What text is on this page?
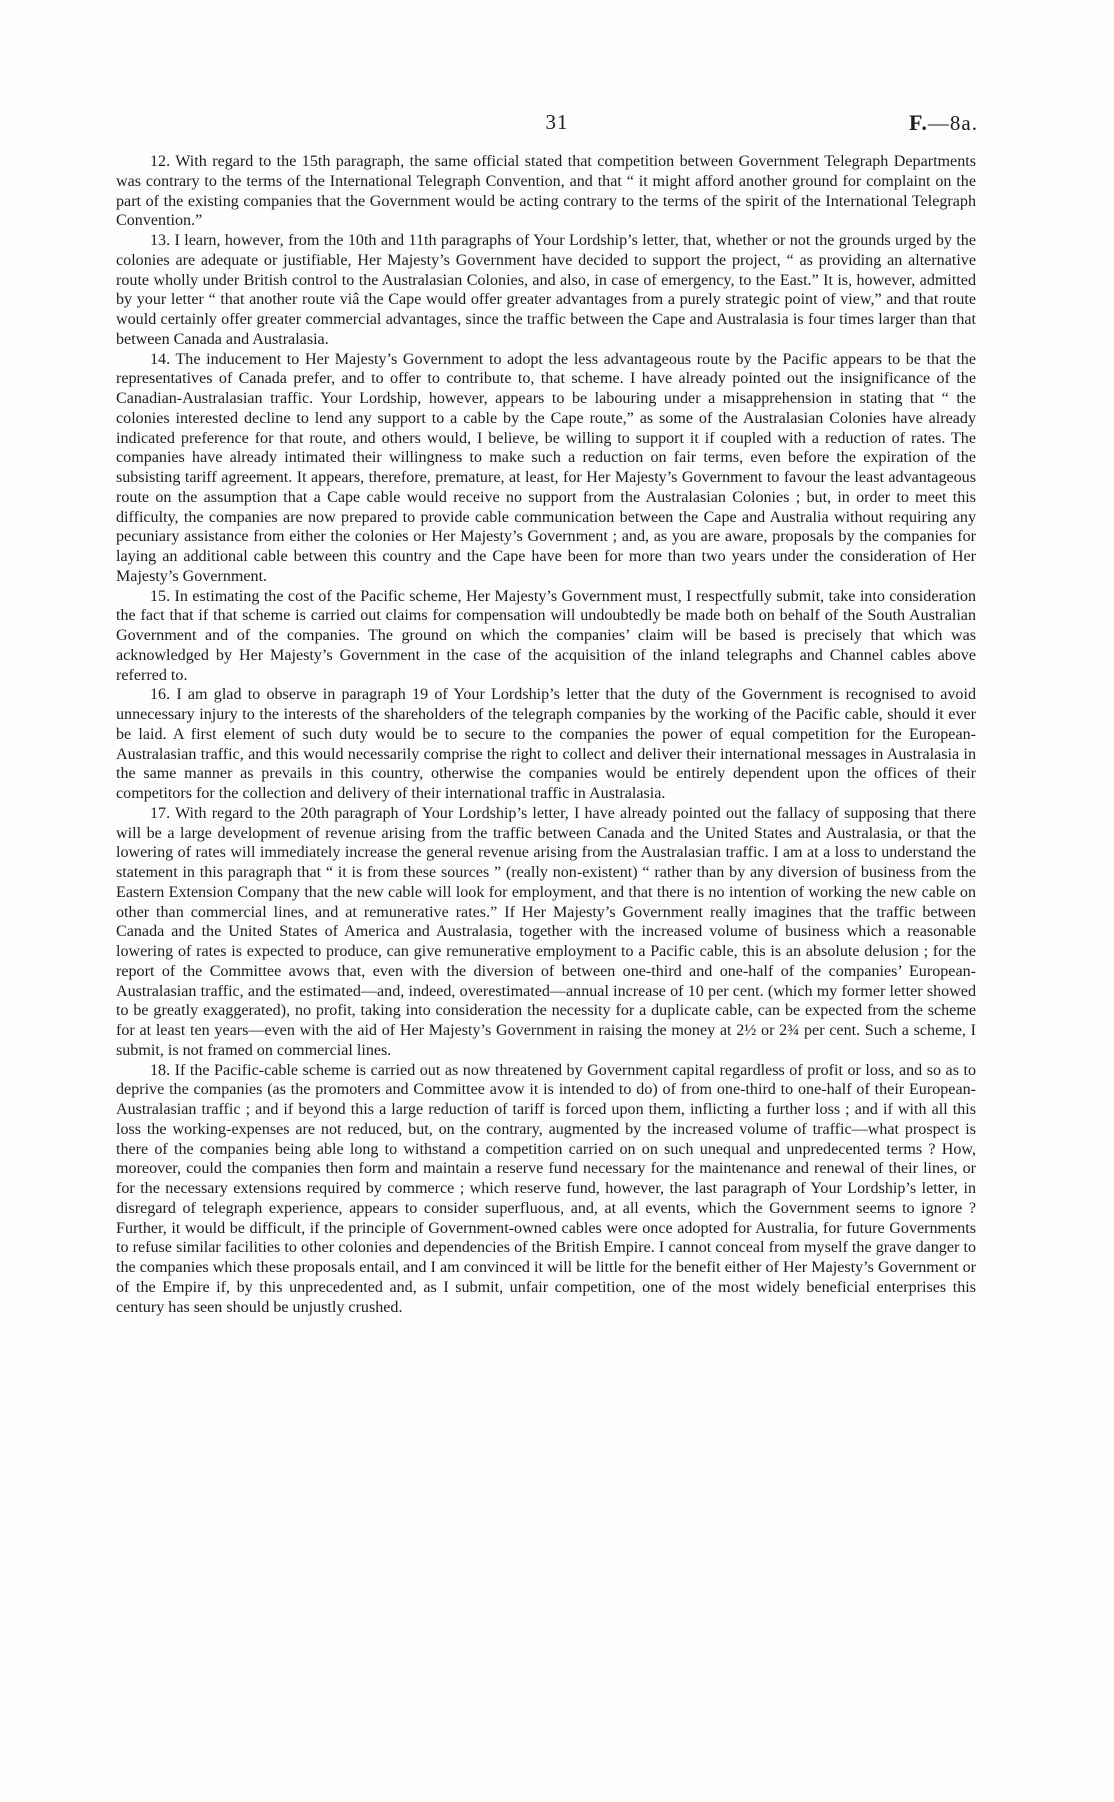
31	F.—8a.

12. With regard to the 15th paragraph, the same official stated that competition between Government Telegraph Departments was contrary to the terms of the International Telegraph Convention, and that “ it might afford another ground for complaint on the part of the existing companies that the Government would be acting contrary to the terms of the spirit of the International Telegraph Convention.”

13. I learn, however, from the 10th and 11th paragraphs of Your Lordship’s letter, that, whether or not the grounds urged by the colonies are adequate or justifiable, Her Majesty’s Government have decided to support the project, “ as providing an alternative route wholly under British control to the Australasian Colonies, and also, in case of emergency, to the East.” It is, however, admitted by your letter “ that another route viâ the Cape would offer greater advantages from a purely strategic point of view,” and that route would certainly offer greater commercial advantages, since the traffic between the Cape and Australasia is four times larger than that between Canada and Australasia.

14. The inducement to Her Majesty’s Government to adopt the less advantageous route by the Pacific appears to be that the representatives of Canada prefer, and to offer to contribute to, that scheme. I have already pointed out the insignificance of the Canadian-Australasian traffic. Your Lordship, however, appears to be labouring under a misapprehension in stating that “ the colonies interested decline to lend any support to a cable by the Cape route,” as some of the Australasian Colonies have already indicated preference for that route, and others would, I believe, be willing to support it if coupled with a reduction of rates. The companies have already intimated their willingness to make such a reduction on fair terms, even before the expiration of the subsisting tariff agreement. It appears, therefore, premature, at least, for Her Majesty’s Government to favour the least advantageous route on the assumption that a Cape cable would receive no support from the Australasian Colonies ; but, in order to meet this difficulty, the companies are now prepared to provide cable communication between the Cape and Australia without requiring any pecuniary assistance from either the colonies or Her Majesty’s Government ; and, as you are aware, proposals by the companies for laying an additional cable between this country and the Cape have been for more than two years under the consideration of Her Majesty’s Government.

15. In estimating the cost of the Pacific scheme, Her Majesty’s Government must, I respectfully submit, take into consideration the fact that if that scheme is carried out claims for compensation will undoubtedly be made both on behalf of the South Australian Government and of the companies. The ground on which the companies’ claim will be based is precisely that which was acknowledged by Her Majesty’s Government in the case of the acquisition of the inland telegraphs and Channel cables above referred to.

16. I am glad to observe in paragraph 19 of Your Lordship’s letter that the duty of the Government is recognised to avoid unnecessary injury to the interests of the shareholders of the telegraph companies by the working of the Pacific cable, should it ever be laid. A first element of such duty would be to secure to the companies the power of equal competition for the European-Australasian traffic, and this would necessarily comprise the right to collect and deliver their international messages in Australasia in the same manner as prevails in this country, otherwise the companies would be entirely dependent upon the offices of their competitors for the collection and delivery of their international traffic in Australasia.

17. With regard to the 20th paragraph of Your Lordship’s letter, I have already pointed out the fallacy of supposing that there will be a large development of revenue arising from the traffic between Canada and the United States and Australasia, or that the lowering of rates will immediately increase the general revenue arising from the Australasian traffic. I am at a loss to understand the statement in this paragraph that “ it is from these sources ” (really non-existent) “ rather than by any diversion of business from the Eastern Extension Company that the new cable will look for employment, and that there is no intention of working the new cable on other than commercial lines, and at remunerative rates.” If Her Majesty’s Government really imagines that the traffic between Canada and the United States of America and Australasia, together with the increased volume of business which a reasonable lowering of rates is expected to produce, can give remunerative employment to a Pacific cable, this is an absolute delusion ; for the report of the Committee avows that, even with the diversion of between one-third and one-half of the companies’ European-Australasian traffic, and the estimated—and, indeed, overestimated—annual increase of 10 per cent. (which my former letter showed to be greatly exaggerated), no profit, taking into consideration the necessity for a duplicate cable, can be expected from the scheme for at least ten years—even with the aid of Her Majesty’s Government in raising the money at 2½ or 2¾ per cent. Such a scheme, I submit, is not framed on commercial lines.

18. If the Pacific-cable scheme is carried out as now threatened by Government capital regardless of profit or loss, and so as to deprive the companies (as the promoters and Committee avow it is intended to do) of from one-third to one-half of their European-Australasian traffic ; and if beyond this a large reduction of tariff is forced upon them, inflicting a further loss ; and if with all this loss the working-expenses are not reduced, but, on the contrary, augmented by the increased volume of traffic—what prospect is there of the companies being able long to withstand a competition carried on on such unequal and unpredecented terms ? How, moreover, could the companies then form and maintain a reserve fund necessary for the maintenance and renewal of their lines, or for the necessary extensions required by commerce ; which reserve fund, however, the last paragraph of Your Lordship’s letter, in disregard of telegraph experience, appears to consider superfluous, and, at all events, which the Government seems to ignore ? Further, it would be difficult, if the principle of Government-owned cables were once adopted for Australia, for future Governments to refuse similar facilities to other colonies and dependencies of the British Empire. I cannot conceal from myself the grave danger to the companies which these proposals entail, and I am convinced it will be little for the benefit either of Her Majesty’s Government or of the Empire if, by this unprecedented and, as I submit, unfair competition, one of the most widely beneficial enterprises this century has seen should be unjustly crushed.
